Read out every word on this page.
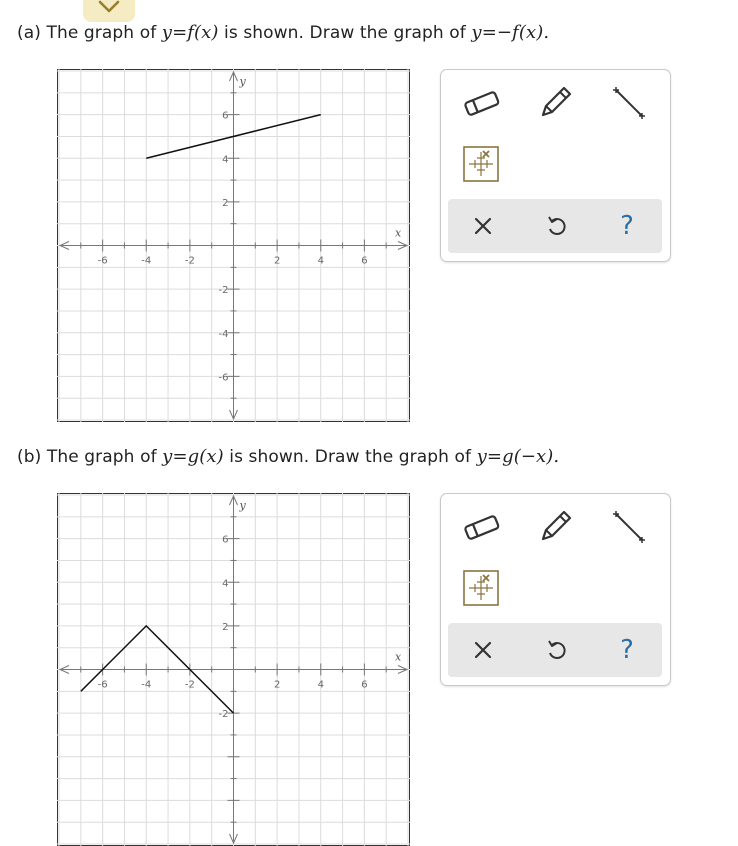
(a) The graph of y=f(x) is shown. Draw the graph of y=−f(x).
-6	-4	-2	2	4	6
6
4
2
-2
-4
-6
x
y
?
(b) The graph of y=g(x) is shown. Draw the graph of y=g(−x).
-6	-4	-2	2	4	6
6
4
2
-2
x
y
?
